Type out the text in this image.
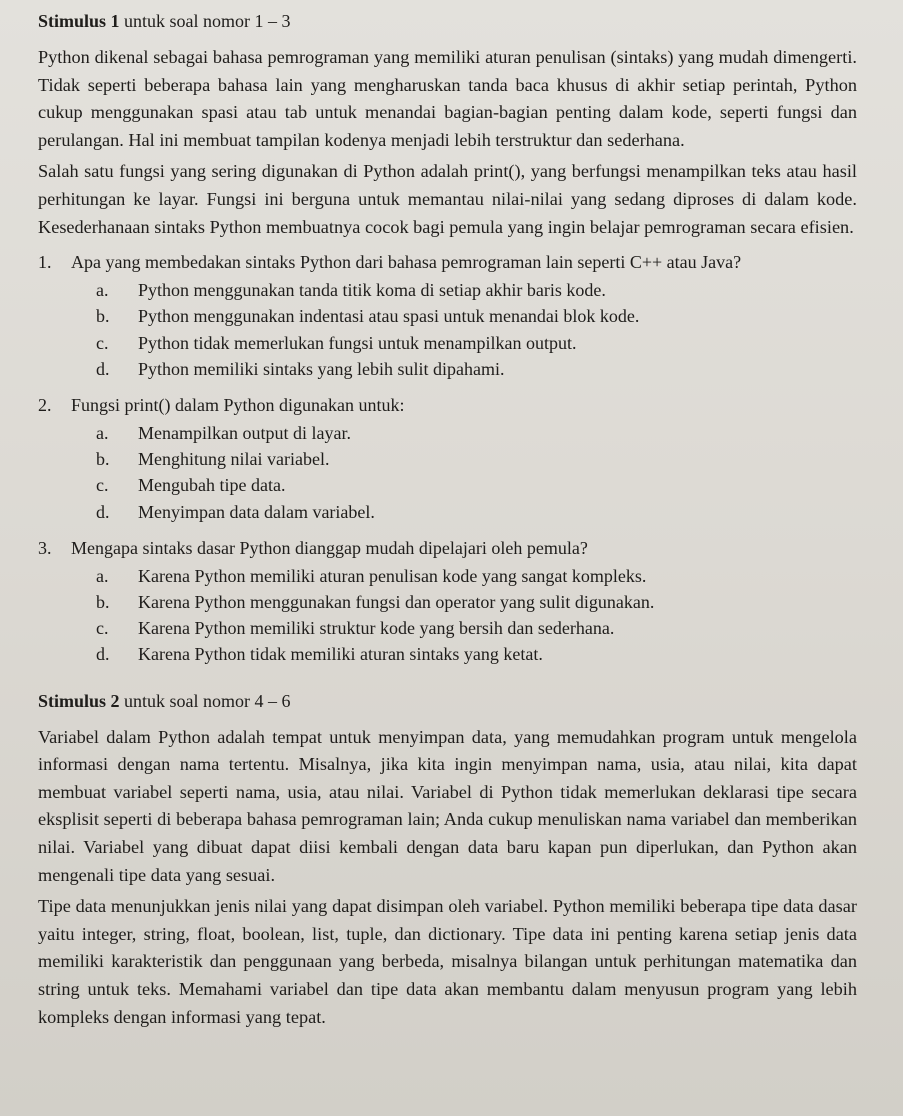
Stimulus 1 untuk soal nomor 1 – 3

Python dikenal sebagai bahasa pemrograman yang memiliki aturan penulisan (sintaks) yang mudah dimengerti. Tidak seperti beberapa bahasa lain yang mengharuskan tanda baca khusus di akhir setiap perintah, Python cukup menggunakan spasi atau tab untuk menandai bagian-bagian penting dalam kode, seperti fungsi dan perulangan. Hal ini membuat tampilan kodenya menjadi lebih terstruktur dan sederhana.

Salah satu fungsi yang sering digunakan di Python adalah print(), yang berfungsi menampilkan teks atau hasil perhitungan ke layar. Fungsi ini berguna untuk memantau nilai-nilai yang sedang diproses di dalam kode. Kesederhanaan sintaks Python membuatnya cocok bagi pemula yang ingin belajar pemrograman secara efisien.

1.	Apa yang membedakan sintaks Python dari bahasa pemrograman lain seperti C++ atau Java?
a.	Python menggunakan tanda titik koma di setiap akhir baris kode.
b.	Python menggunakan indentasi atau spasi untuk menandai blok kode.
c.	Python tidak memerlukan fungsi untuk menampilkan output.
d.	Python memiliki sintaks yang lebih sulit dipahami.
2.	Fungsi print() dalam Python digunakan untuk:
a.	Menampilkan output di layar.
b.	Menghitung nilai variabel.
c.	Mengubah tipe data.
d.	Menyimpan data dalam variabel.
3.	Mengapa sintaks dasar Python dianggap mudah dipelajari oleh pemula?
a.	Karena Python memiliki aturan penulisan kode yang sangat kompleks.
b.	Karena Python menggunakan fungsi dan operator yang sulit digunakan.
c.	Karena Python memiliki struktur kode yang bersih dan sederhana.
d.	Karena Python tidak memiliki aturan sintaks yang ketat.
Stimulus 2 untuk soal nomor 4 – 6

Variabel dalam Python adalah tempat untuk menyimpan data, yang memudahkan program untuk mengelola informasi dengan nama tertentu. Misalnya, jika kita ingin menyimpan nama, usia, atau nilai, kita dapat membuat variabel seperti nama, usia, atau nilai. Variabel di Python tidak memerlukan deklarasi tipe secara eksplisit seperti di beberapa bahasa pemrograman lain; Anda cukup menuliskan nama variabel dan memberikan nilai. Variabel yang dibuat dapat diisi kembali dengan data baru kapan pun diperlukan, dan Python akan mengenali tipe data yang sesuai.

Tipe data menunjukkan jenis nilai yang dapat disimpan oleh variabel. Python memiliki beberapa tipe data dasar yaitu integer, string, float, boolean, list, tuple, dan dictionary. Tipe data ini penting karena setiap jenis data memiliki karakteristik dan penggunaan yang berbeda, misalnya bilangan untuk perhitungan matematika dan string untuk teks. Memahami variabel dan tipe data akan membantu dalam menyusun program yang lebih kompleks dengan informasi yang tepat.
